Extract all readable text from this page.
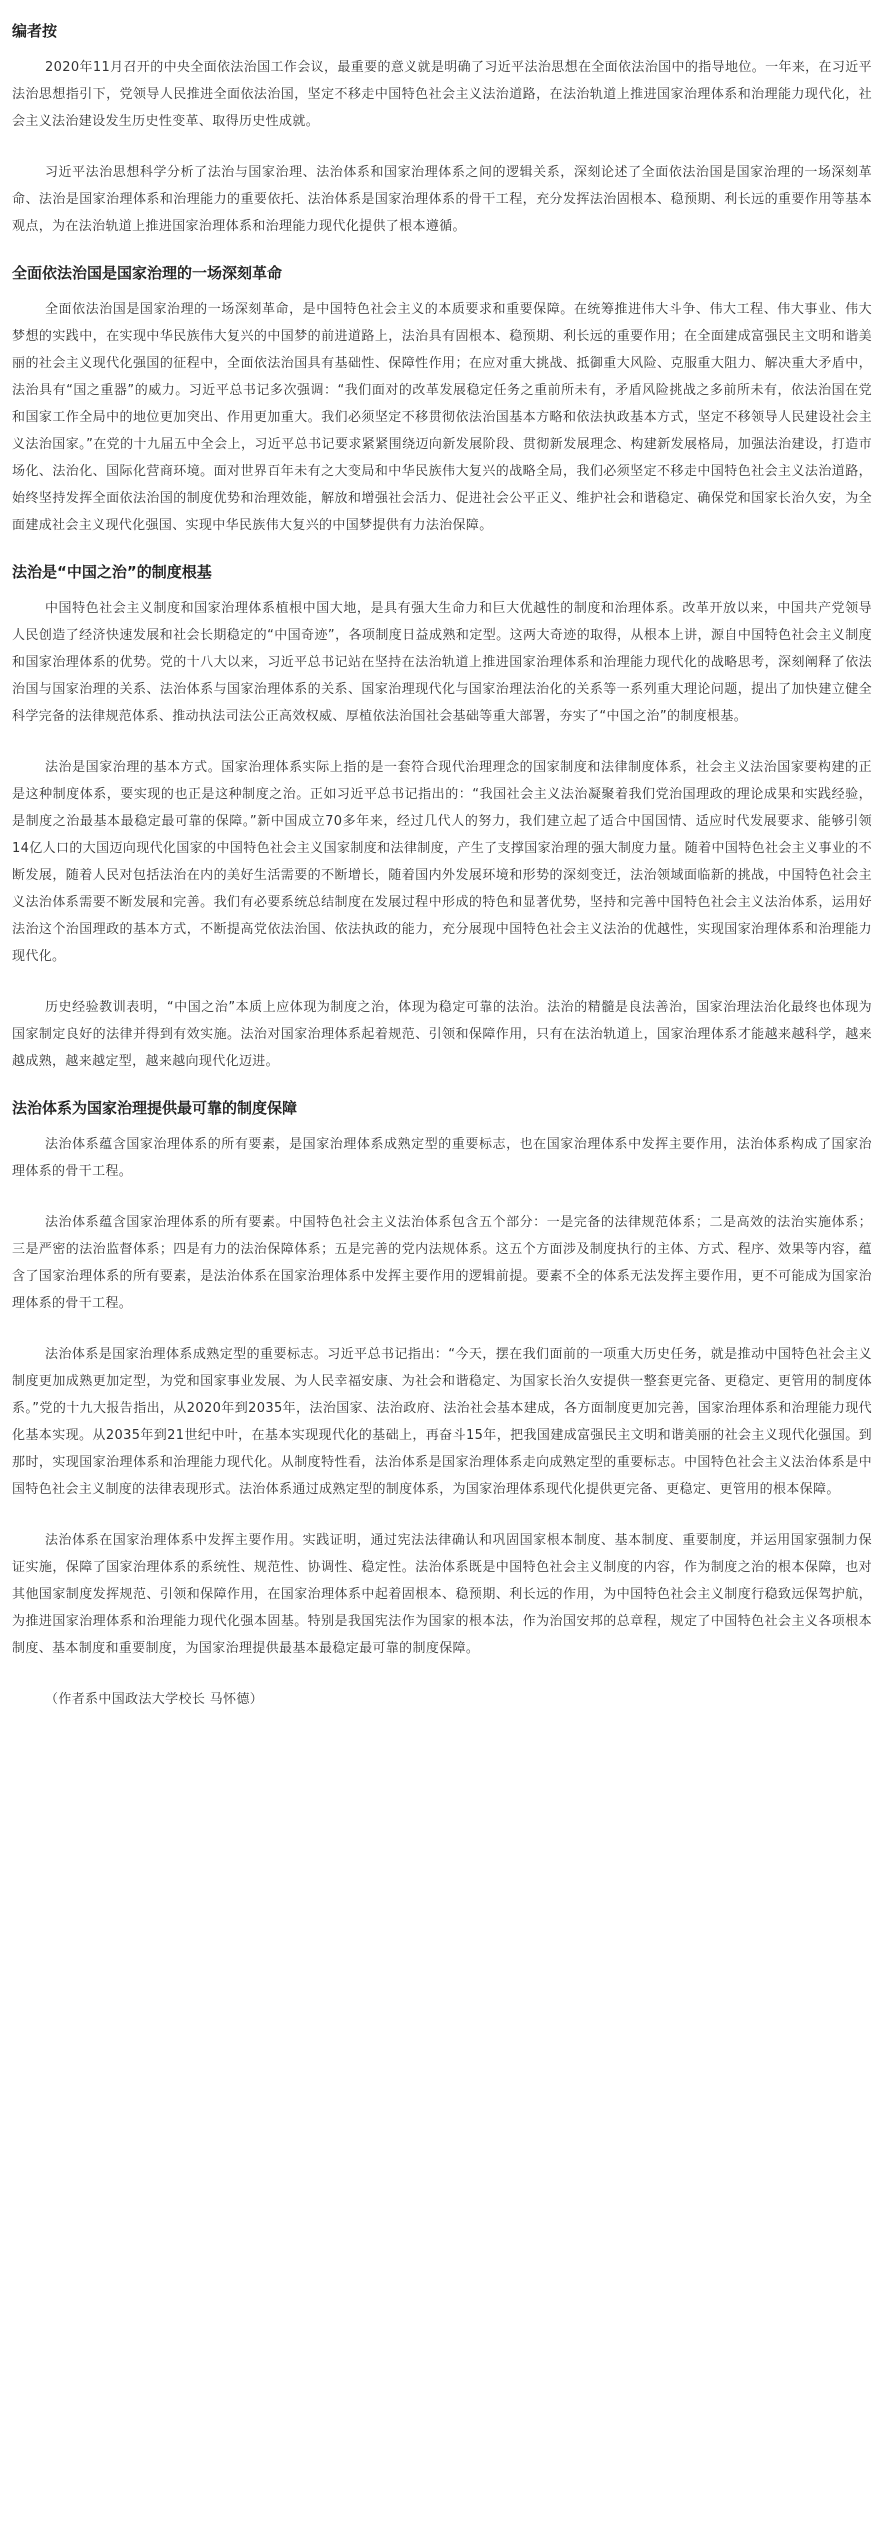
编者按

2020年11月召开的中央全面依法治国工作会议，最重要的意义就是明确了习近平法治思想在全面依法治国中的指导地位。一年来，在习近平法治思想指引下，党领导人民推进全面依法治国，坚定不移走中国特色社会主义法治道路，在法治轨道上推进国家治理体系和治理能力现代化，社会主义法治建设发生历史性变革、取得历史性成就。

习近平法治思想科学分析了法治与国家治理、法治体系和国家治理体系之间的逻辑关系，深刻论述了全面依法治国是国家治理的一场深刻革命、法治是国家治理体系和治理能力的重要依托、法治体系是国家治理体系的骨干工程，充分发挥法治固根本、稳预期、利长远的重要作用等基本观点，为在法治轨道上推进国家治理体系和治理能力现代化提供了根本遵循。

全面依法治国是国家治理的一场深刻革命

全面依法治国是国家治理的一场深刻革命，是中国特色社会主义的本质要求和重要保障。在统筹推进伟大斗争、伟大工程、伟大事业、伟大梦想的实践中，在实现中华民族伟大复兴的中国梦的前进道路上，法治具有固根本、稳预期、利长远的重要作用；在全面建成富强民主文明和谐美丽的社会主义现代化强国的征程中，全面依法治国具有基础性、保障性作用；在应对重大挑战、抵御重大风险、克服重大阻力、解决重大矛盾中，法治具有“国之重器”的威力。习近平总书记多次强调：“我们面对的改革发展稳定任务之重前所未有，矛盾风险挑战之多前所未有，依法治国在党和国家工作全局中的地位更加突出、作用更加重大。我们必须坚定不移贯彻依法治国基本方略和依法执政基本方式，坚定不移领导人民建设社会主义法治国家。”在党的十九届五中全会上，习近平总书记要求紧紧围绕迈向新发展阶段、贯彻新发展理念、构建新发展格局，加强法治建设，打造市场化、法治化、国际化营商环境。面对世界百年未有之大变局和中华民族伟大复兴的战略全局，我们必须坚定不移走中国特色社会主义法治道路，始终坚持发挥全面依法治国的制度优势和治理效能，解放和增强社会活力、促进社会公平正义、维护社会和谐稳定、确保党和国家长治久安，为全面建成社会主义现代化强国、实现中华民族伟大复兴的中国梦提供有力法治保障。

法治是“中国之治”的制度根基

中国特色社会主义制度和国家治理体系植根中国大地，是具有强大生命力和巨大优越性的制度和治理体系。改革开放以来，中国共产党领导人民创造了经济快速发展和社会长期稳定的“中国奇迹”，各项制度日益成熟和定型。这两大奇迹的取得，从根本上讲，源自中国特色社会主义制度和国家治理体系的优势。党的十八大以来，习近平总书记站在坚持在法治轨道上推进国家治理体系和治理能力现代化的战略思考，深刻阐释了依法治国与国家治理的关系、法治体系与国家治理体系的关系、国家治理现代化与国家治理法治化的关系等一系列重大理论问题，提出了加快建立健全科学完备的法律规范体系、推动执法司法公正高效权威、厚植依法治国社会基础等重大部署，夯实了“中国之治”的制度根基。

法治是国家治理的基本方式。国家治理体系实际上指的是一套符合现代治理理念的国家制度和法律制度体系，社会主义法治国家要构建的正是这种制度体系，要实现的也正是这种制度之治。正如习近平总书记指出的：“我国社会主义法治凝聚着我们党治国理政的理论成果和实践经验，是制度之治最基本最稳定最可靠的保障。”新中国成立70多年来，经过几代人的努力，我们建立起了适合中国国情、适应时代发展要求、能够引领14亿人口的大国迈向现代化国家的中国特色社会主义国家制度和法律制度，产生了支撑国家治理的强大制度力量。随着中国特色社会主义事业的不断发展，随着人民对包括法治在内的美好生活需要的不断增长，随着国内外发展环境和形势的深刻变迁，法治领域面临新的挑战，中国特色社会主义法治体系需要不断发展和完善。我们有必要系统总结制度在发展过程中形成的特色和显著优势，坚持和完善中国特色社会主义法治体系，运用好法治这个治国理政的基本方式，不断提高党依法治国、依法执政的能力，充分展现中国特色社会主义法治的优越性，实现国家治理体系和治理能力现代化。

历史经验教训表明，“中国之治”本质上应体现为制度之治，体现为稳定可靠的法治。法治的精髓是良法善治，国家治理法治化最终也体现为国家制定良好的法律并得到有效实施。法治对国家治理体系起着规范、引领和保障作用，只有在法治轨道上，国家治理体系才能越来越科学，越来越成熟，越来越定型，越来越向现代化迈进。

法治体系为国家治理提供最可靠的制度保障

法治体系蕴含国家治理体系的所有要素，是国家治理体系成熟定型的重要标志，也在国家治理体系中发挥主要作用，法治体系构成了国家治理体系的骨干工程。

法治体系蕴含国家治理体系的所有要素。中国特色社会主义法治体系包含五个部分：一是完备的法律规范体系；二是高效的法治实施体系；三是严密的法治监督体系；四是有力的法治保障体系；五是完善的党内法规体系。这五个方面涉及制度执行的主体、方式、程序、效果等内容，蕴含了国家治理体系的所有要素，是法治体系在国家治理体系中发挥主要作用的逻辑前提。要素不全的体系无法发挥主要作用，更不可能成为国家治理体系的骨干工程。

法治体系是国家治理体系成熟定型的重要标志。习近平总书记指出：“今天，摆在我们面前的一项重大历史任务，就是推动中国特色社会主义制度更加成熟更加定型，为党和国家事业发展、为人民幸福安康、为社会和谐稳定、为国家长治久安提供一整套更完备、更稳定、更管用的制度体系。”党的十九大报告指出，从2020年到2035年，法治国家、法治政府、法治社会基本建成，各方面制度更加完善，国家治理体系和治理能力现代化基本实现。从2035年到21世纪中叶，在基本实现现代化的基础上，再奋斗15年，把我国建成富强民主文明和谐美丽的社会主义现代化强国。到那时，实现国家治理体系和治理能力现代化。从制度特性看，法治体系是国家治理体系走向成熟定型的重要标志。中国特色社会主义法治体系是中国特色社会主义制度的法律表现形式。法治体系通过成熟定型的制度体系，为国家治理体系现代化提供更完备、更稳定、更管用的根本保障。

法治体系在国家治理体系中发挥主要作用。实践证明，通过宪法法律确认和巩固国家根本制度、基本制度、重要制度，并运用国家强制力保证实施，保障了国家治理体系的系统性、规范性、协调性、稳定性。法治体系既是中国特色社会主义制度的内容，作为制度之治的根本保障，也对其他国家制度发挥规范、引领和保障作用，在国家治理体系中起着固根本、稳预期、利长远的作用，为中国特色社会主义制度行稳致远保驾护航，为推进国家治理体系和治理能力现代化强本固基。特别是我国宪法作为国家的根本法，作为治国安邦的总章程，规定了中国特色社会主义各项根本制度、基本制度和重要制度，为国家治理提供最基本最稳定最可靠的制度保障。

（作者系中国政法大学校长 马怀德）
